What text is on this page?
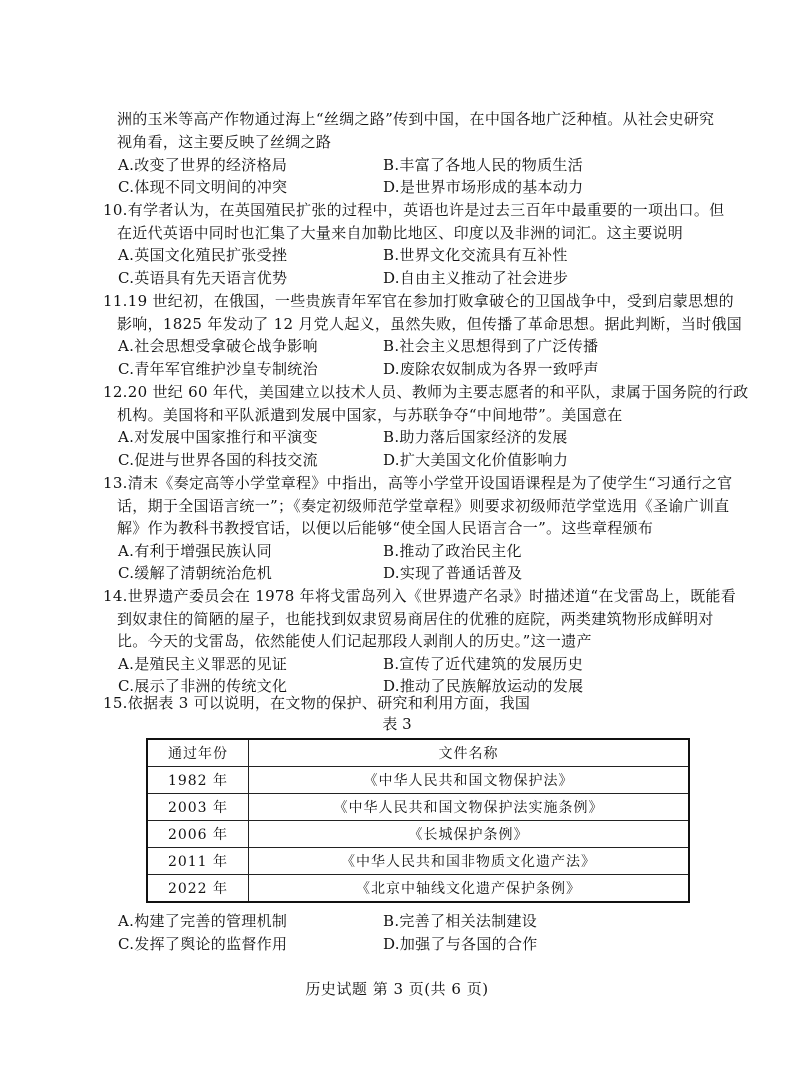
洲的玉米等高产作物通过海上“丝绸之路”传到中国，在中国各地广泛种植。从社会史研究
视角看，这主要反映了丝绸之路
A.改变了世界的经济格局	B.丰富了各地人民的物质生活
C.体现不同文明间的冲突	D.是世界市场形成的基本动力
10.有学者认为，在英国殖民扩张的过程中，英语也许是过去三百年中最重要的一项出口。但
在近代英语中同时也汇集了大量来自加勒比地区、印度以及非洲的词汇。这主要说明
A.英国文化殖民扩张受挫	B.世界文化交流具有互补性
C.英语具有先天语言优势	D.自由主义推动了社会进步
11.19 世纪初，在俄国，一些贵族青年军官在参加打败拿破仑的卫国战争中，受到启蒙思想的
影响，1825 年发动了 12 月党人起义，虽然失败，但传播了革命思想。据此判断，当时俄国
A.社会思想受拿破仑战争影响	B.社会主义思想得到了广泛传播
C.青年军官维护沙皇专制统治	D.废除农奴制成为各界一致呼声
12.20 世纪 60 年代，美国建立以技术人员、教师为主要志愿者的和平队，隶属于国务院的行政
机构。美国将和平队派遣到发展中国家，与苏联争夺“中间地带”。美国意在
A.对发展中国家推行和平演变	B.助力落后国家经济的发展
C.促进与世界各国的科技交流	D.扩大美国文化价值影响力
13.清末《奏定高等小学堂章程》中指出，高等小学堂开设国语课程是为了使学生“习通行之官
话，期于全国语言统一”；《奏定初级师范学堂章程》则要求初级师范学堂选用《圣谕广训直
解》作为教科书教授官话，以便以后能够“使全国人民语言合一”。这些章程颁布
A.有利于增强民族认同	B.推动了政治民主化
C.缓解了清朝统治危机	D.实现了普通话普及
14.世界遗产委员会在 1978 年将戈雷岛列入《世界遗产名录》时描述道“在戈雷岛上，既能看
到奴隶住的简陋的屋子，也能找到奴隶贸易商居住的优雅的庭院，两类建筑物形成鲜明对
比。今天的戈雷岛，依然能使人们记起那段人剥削人的历史。”这一遗产
A.是殖民主义罪恶的见证	B.宣传了近代建筑的发展历史
C.展示了非洲的传统文化	D.推动了民族解放运动的发展
15.依据表 3 可以说明，在文物的保护、研究和利用方面，我国
表 3
通过年份	文件名称
1982 年	《中华人民共和国文物保护法》
2003 年	《中华人民共和国文物保护法实施条例》
2006 年	《长城保护条例》
2011 年	《中华人民共和国非物质文化遗产法》
2022 年	《北京中轴线文化遗产保护条例》
A.构建了完善的管理机制	B.完善了相关法制建设
C.发挥了舆论的监督作用	D.加强了与各国的合作
历史试题 第 3 页(共 6 页)
